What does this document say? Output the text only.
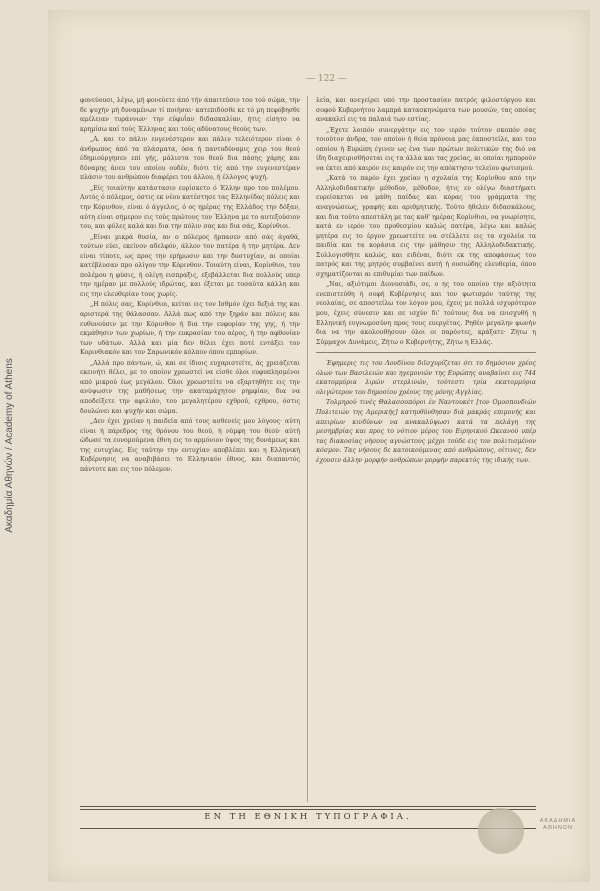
Ακαδημία Αθηνών / Academy of Athens
― 122 ―

φονεύουσι, λέγω, μή φονεύετε άπό τήν άπαιτεύσιν του τού σώμα, την δε ψυχήν μή δυναμένων τί ποιήσαι· κατεπιδόσθε κε τό μη πεφόβησθε αμέλειαν τυράννων· την εύφυΐαν διδασκαλίαν, ήτις είσητο να κρημίσω καί τούς Έλληνας και τούς αδύνατους θεούς των.

„Α. και το πάλιν ευγενέστερον και πάλιν τελειότερον είναι ό άνθρωπος άπό τα πλάσματα, όσα ή παντοδύναμις χειρ του θεού έδημιούργησεν επί γής, μάλιστα του θεού δια πάσης χάρης και δύναμης άνευ του οποίου ουδέν, διότι τίς από την ευγενεστέραν πλάσιν του ανθρώπου διαφέρει του άλλου, ή έλλογος ψυχή.

„Είς τοιαύτην κατάστασιν ευρίσκετο ό Έλλην προ του πολέμου. Αυτός ό πόλεμος, όστις εκ νέου κατέστησε τας Ελληνίδας πόλεις και την Κόρινθον, είναι ό άγγελος, ό ος ημέρας της Ελλάδος την δόξαν, αύτη είναι σήμερον εις τούς πρώτους τον Έλληνα με το αυτεξούσιον του, και φύλες καλά και δια την πόλιν σας και δια σάς, Κορίνθιοι.

„Είναι μικρά θυσία, αν ο πόλεμος ήρπασεν από σάς άγαθά, τούτων εύει, εκείνον αδελφόν, άλλον τον πατέρα ή την μητέρα. Δεν είναι τίποτε, ως προς την ερήμωσιν και την δυστυχίαν, αι οποίαι κατέβλυσαν προ ολίγου την Κόρινθον. Τοιαύτη είναι, Κορίνθιοι, του πολέμου η φύσις, ή ολίγη εισπραξις, εξεβάλλεται δια πολλούς υπερ την ημέραν με πολλούς ιδρώτας, και έξεται με τοσαύτα κάλλη και εις την ελευθερίαν τους χωρίς.

„Η πόλις σας, Κορίνθιοι, κείται εις τον Ισθμόν έχει δεξιά της και αριστερά της θάλασσαν. Αλλά πως από την ξηράν και πόλεις και ευθυνούσιν με την Κόρινθον ή δια την ευφορίαν της γης, ή την εκμάθησιν των χωρίων, ή την ευκρασίαν του αέρος, ή την αφθονίαν των υδάτων. Αλλά και μία δεν θέλει έχει ποτέ εντάξει τον Κορινθιακόν και τον Σαρωνικόν κόλπον όπου εμπορίων.

„Αλλά προ πάντων, ώ, και σε ίδιοις ευχαριστείτε, άς χρειάζεται εκεινήτι θέλει, με το οποίον χρεωστεί να είσθε όλοι ευφυπλησμένοι από μικρού έως μεγάλου. Όλοι χρεωστείτε να εξαρτηθήτε εις την ανύψωσιν της μαθήσεως την ακαταμάχητον ρημφίαν, δια να αποδείξετε την αφιλιάν, του μεγαλητέρου εχθρού, εχθρου, όστις δουλώνει και ψυχήν και σώμα.

„Δεν έχει χρείαν η παιδεία από τους ασθενείς μου λόγους· αύτη είναι ή πάρεδρος της θρόνου του θεού, ή νύμφη του θεού· αύτή ώδωσε τα ευνομούμενα έθνη εις το αρμόνιον ύψος της δυνάμεως και της ευτυχίας. Εις ταύτην την ευτυχίαν αποβλέπει και η Ελληνική Κυβέρνησις να αναβιβάσει το Ελληνικόν έθνος, και διαπαντός πάντοτε και εις τον πόλεμον.

λεία, και ανεγείρει υπό την προστασίαν πατρός φιλοστόργου και σοφού Κυβερνήτου λαμπρά κατασκηνώματα των μουσών, τας οποίας ανακαλεί εις τα παλαιά των εστίας.

„Έχετε λοιπόν συνεργάτην εις τον ιερόν τούτον σκοπόν σας τοιούτον άνδρα, τον οποίον ή θεία πρόνοια μας έαποστείλε, και του οποίου ή Ευρώπη έγινεν ως ένα των πρώτων πολιτικών της διό να ίδη διαχειρισθήσεται εις τα άλλα και τας χρείας, αι οποίαι ημπορούν να έκτει από καιρόν εις καιρόν εις την απόκτησιν τελείου φωτισμού.

„Κατά το παρόν έχει χρείαν η σχολαία της Κορίνθου από την Αλληλοδιδακτικήν μέθοδον, μέθοδον, ήτις εν ολίγω διαστήματι ευρείσκεται να μάθη παίδας και κόρας του γράμματα της αναγνώσεως, γραφής και αριθμητικής. Τούτο ήθελεν διδασκάλους, και δια τούτο απεστάλη με τας καθ' ημέρας Κορίνθιοι, να γνωρίσητε, κατά εν ιερόν του προθεσμίου καλώς πατέρα, λέγω και καλώς μητέρα εις το έργον χρεωστείτε να στέλλετε εις τα σχολεία τα παιδία και τα κοράσια εις την μάθησιν της Αλληλοδιδακτικής. Συλλογισθήτε καλώς, και ειδέναι, διότι εκ της αποφάσεως του πατρός και της μητρός συμβαίνει αυτή ή ουσιώδης ελευθερία, όπου σχηματίζονται αι επιθυμίαι των παίδων.

„Ναι, αξιότιμοι Διονυσιάδι, σε, ο ης του οποίου την αξιότητα ενεπιστεύθη ή σοφή Κυβέρνησις και τον φωτισμόν ταύτης της νεολαίας, σε αποστείλω τον λόγον μου, έχεις με πολλά ισχυρότερον μου, έχεις σύνεσιν και σε ισχύν δι' τούτους δια να ενισχυθή η Ελληνική ευγνωμοσύνη προς τους ευεργέτας. Ρηθέν μεγαλην φωνήν δια να την ακολουθήσουν όλοι οι παρόντες, κράξατε· Ζήτω η Σύμμαχοι Δυνάμεις, Ζήτω ο Κυβερνήτης, Ζήτω η Ελλάς.

Έφημερις τις του Λονδίνου διϊσχυρίζεται ότι το δημόσιον χρέος όλων των Βασιλειών και ηγεμονιών της Ευρώπης αναβαίνει εις 744 εκατομμύρια λιρών στερλινών, τούτεστι τρία εκατομμύρια ολιγώτερον του δημοσίου χρέους της μόνης Αγγλίας.

Τολμηρού τινές Θαλασσοπόροι έν Ναντουκέτ [τον Ομοσπονδιών Πολιτειών της Αμερικής] κατηυθύνθησαν διά μακράς επιμονής και απειρίων κινδύνων να ανακαλύψωσι κατά τα πελάγη της μεσημβρίας και προς το νότιον μέρος του Ειρηνικού Ωκεανού υπέρ τας διακοσίας νήσους αγνώστους μέχρι τούδε εις τον πολιτισμένον κόσμον. Τας νήσους δε κατοικούμενας από ανθρώπους, οίτινες, δεν έχουσιν άλλην μορφήν ανθρώπων μορφήν παρεκτός της ιδικής των.

ΕΝ ΤΗ ΕΘΝΙΚΗ ΤΥΠΟΓΡΑΦΙΑ.	ΑΚΑΔΗΜΙΑ ΑΘΗΝΩΝ
